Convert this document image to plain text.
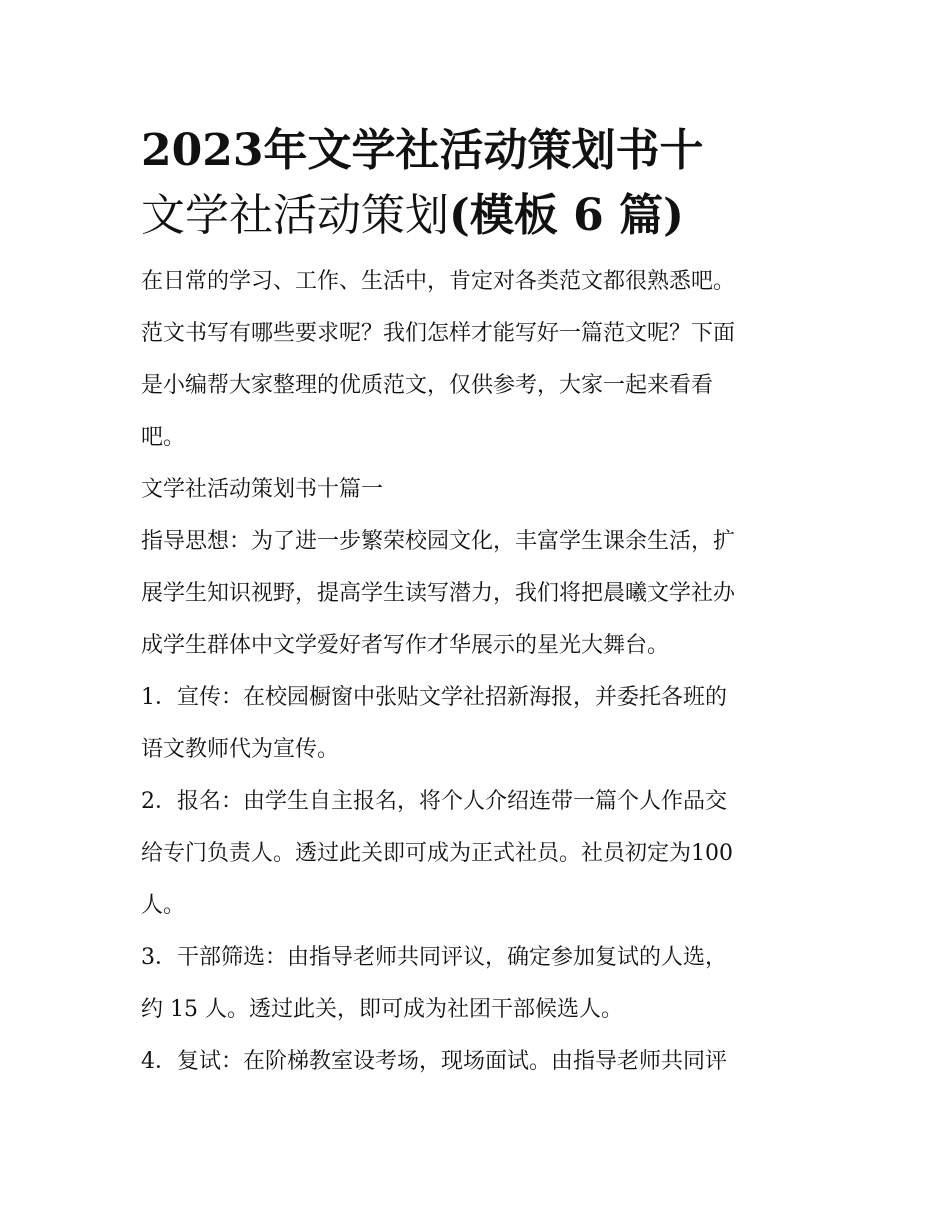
2023年文学社活动策划书十
文学社活动策划(模板 6 篇)

在日常的学习、工作、生活中，肯定对各类范文都很熟悉吧。

范文书写有哪些要求呢？我们怎样才能写好一篇范文呢？下面

是小编帮大家整理的优质范文，仅供参考，大家一起来看看

吧。

文学社活动策划书十篇一

指导思想：为了进一步繁荣校园文化，丰富学生课余生活，扩

展学生知识视野，提高学生读写潜力，我们将把晨曦文学社办

成学生群体中文学爱好者写作才华展示的星光大舞台。

1．宣传：在校园橱窗中张贴文学社招新海报，并委托各班的

语文教师代为宣传。

2．报名：由学生自主报名，将个人介绍连带一篇个人作品交

给专门负责人。透过此关即可成为正式社员。社员初定为100

人。

3．干部筛选：由指导老师共同评议，确定参加复试的人选，

约 15 人。透过此关，即可成为社团干部候选人。

4．复试：在阶梯教室设考场，现场面试。由指导老师共同评
